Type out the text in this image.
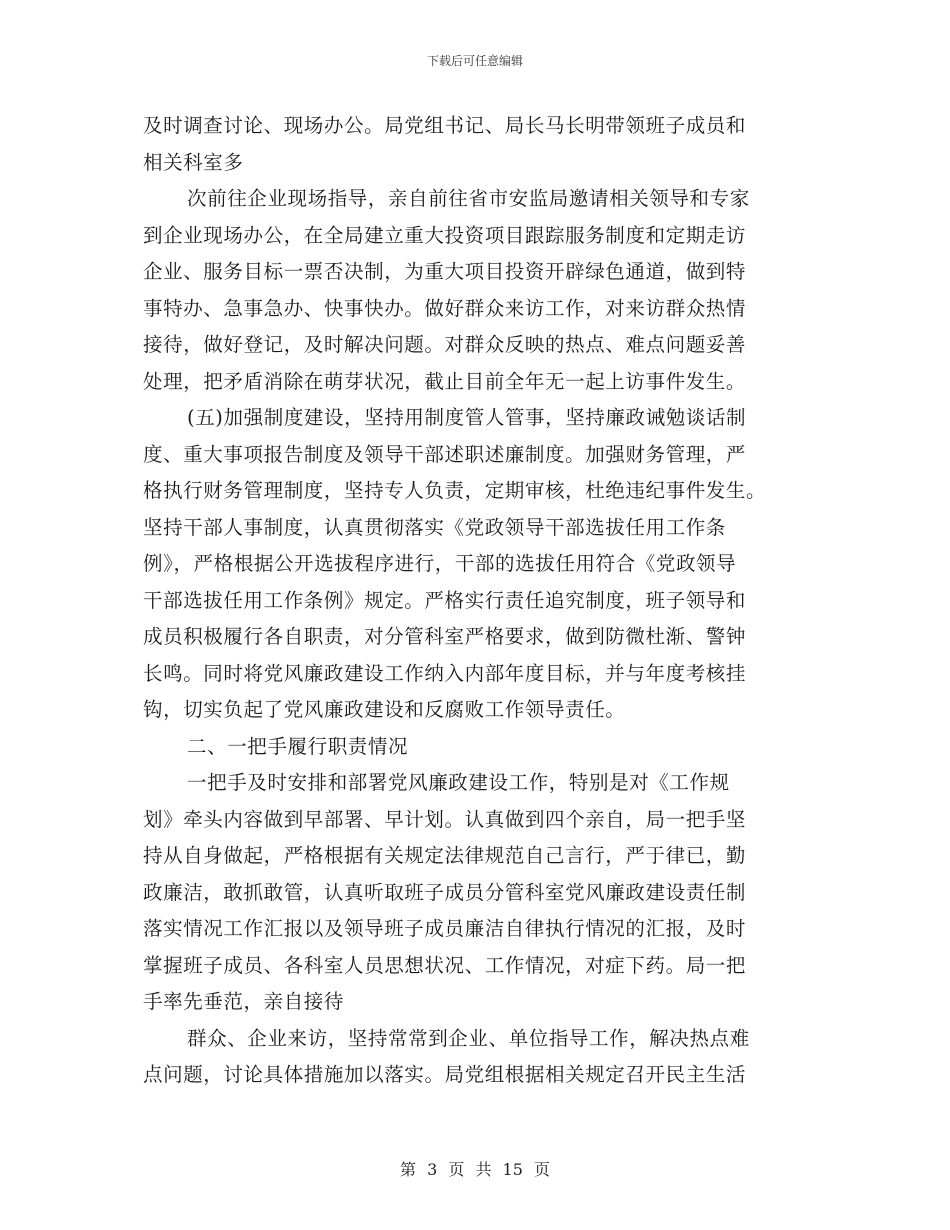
下载后可任意编辑
及时调查讨论、现场办公。局党组书记、局长马长明带领班子成员和
相关科室多
次前往企业现场指导，亲自前往省市安监局邀请相关领导和专家
到企业现场办公，在全局建立重大投资项目跟踪服务制度和定期走访
企业、服务目标一票否决制，为重大项目投资开辟绿色通道，做到特
事特办、急事急办、快事快办。做好群众来访工作，对来访群众热情
接待，做好登记，及时解决问题。对群众反映的热点、难点问题妥善
处理，把矛盾消除在萌芽状况，截止目前全年无一起上访事件发生。
(五)加强制度建设，坚持用制度管人管事，坚持廉政诫勉谈话制
度、重大事项报告制度及领导干部述职述廉制度。加强财务管理，严
格执行财务管理制度，坚持专人负责，定期审核，杜绝违纪事件发生。
坚持干部人事制度，认真贯彻落实《党政领导干部选拔任用工作条
例》，严格根据公开选拔程序进行，干部的选拔任用符合《党政领导
干部选拔任用工作条例》规定。严格实行责任追究制度，班子领导和
成员积极履行各自职责，对分管科室严格要求，做到防微杜渐、警钟
长鸣。同时将党风廉政建设工作纳入内部年度目标，并与年度考核挂
钩，切实负起了党风廉政建设和反腐败工作领导责任。
二、一把手履行职责情况
一把手及时安排和部署党风廉政建设工作，特别是对《工作规
划》牵头内容做到早部署、早计划。认真做到四个亲自，局一把手坚
持从自身做起，严格根据有关规定法律规范自己言行，严于律已，勤
政廉洁，敢抓敢管，认真听取班子成员分管科室党风廉政建设责任制
落实情况工作汇报以及领导班子成员廉洁自律执行情况的汇报，及时
掌握班子成员、各科室人员思想状况、工作情况，对症下药。局一把
手率先垂范，亲自接待
群众、企业来访，坚持常常到企业、单位指导工作，解决热点难
点问题，讨论具体措施加以落实。局党组根据相关规定召开民主生活
第 3 页 共 15 页
